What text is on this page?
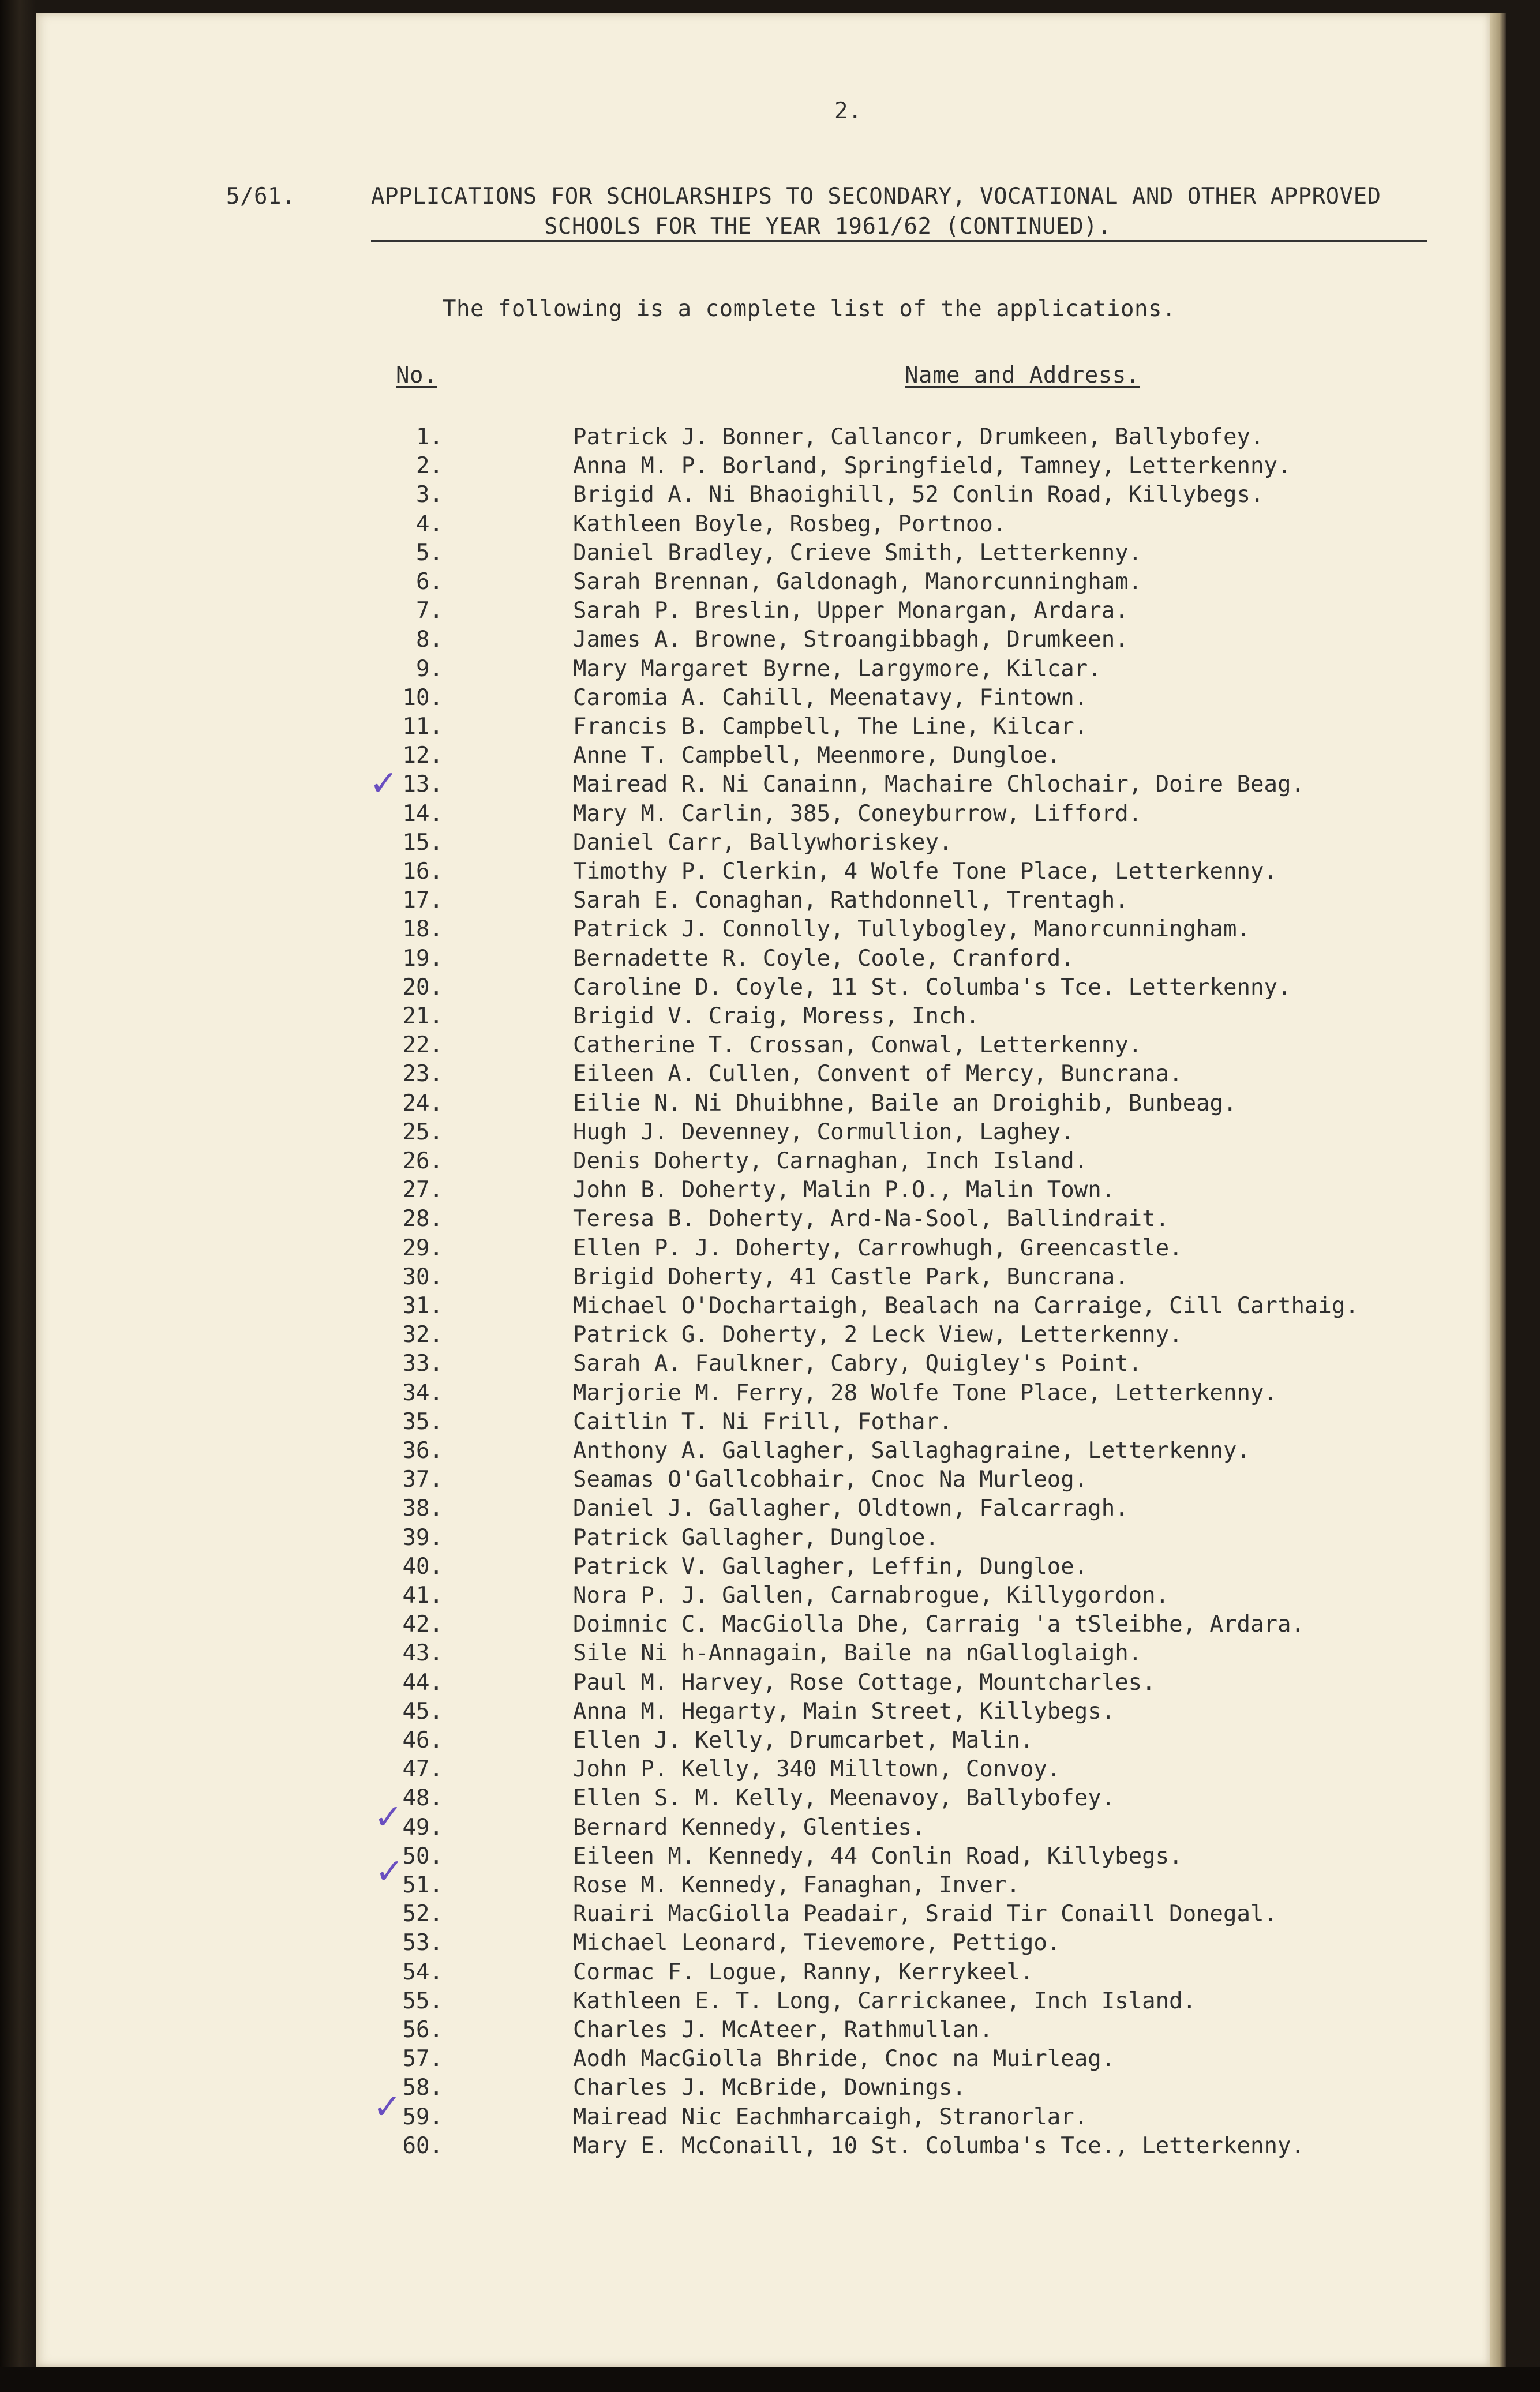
2.
5/61.	APPLICATIONS FOR SCHOLARSHIPS TO SECONDARY, VOCATIONAL AND OTHER APPROVED
SCHOOLS FOR THE YEAR 1961/62 (CONTINUED).
The following is a complete list of the applications.
No.	Name and Address.
1.	Patrick J. Bonner, Callancor, Drumkeen, Ballybofey.
2.	Anna M. P. Borland, Springfield, Tamney, Letterkenny.
3.	Brigid A. Ni Bhaoighill, 52 Conlin Road, Killybegs.
4.	Kathleen Boyle, Rosbeg, Portnoo.
5.	Daniel Bradley, Crieve Smith, Letterkenny.
6.	Sarah Brennan, Galdonagh, Manorcunningham.
7.	Sarah P. Breslin, Upper Monargan, Ardara.
8.	James A. Browne, Stroangibbagh, Drumkeen.
9.	Mary Margaret Byrne, Largymore, Kilcar.
10.	Caromia A. Cahill, Meenatavy, Fintown.
11.	Francis B. Campbell, The Line, Kilcar.
12.	Anne T. Campbell, Meenmore, Dungloe.
13.	Mairead R. Ni Canainn, Machaire Chlochair, Doire Beag.
14.	Mary M. Carlin, 385, Coneyburrow, Lifford.
15.	Daniel Carr, Ballywhoriskey.
16.	Timothy P. Clerkin, 4 Wolfe Tone Place, Letterkenny.
17.	Sarah E. Conaghan, Rathdonnell, Trentagh.
18.	Patrick J. Connolly, Tullybogley, Manorcunningham.
19.	Bernadette R. Coyle, Coole, Cranford.
20.	Caroline D. Coyle, 11 St. Columba's Tce. Letterkenny.
21.	Brigid V. Craig, Moress, Inch.
22.	Catherine T. Crossan, Conwal, Letterkenny.
23.	Eileen A. Cullen, Convent of Mercy, Buncrana.
24.	Eilie N. Ni Dhuibhne, Baile an Droighib, Bunbeag.
25.	Hugh J. Devenney, Cormullion, Laghey.
26.	Denis Doherty, Carnaghan, Inch Island.
27.	John B. Doherty, Malin P.O., Malin Town.
28.	Teresa B. Doherty, Ard-Na-Sool, Ballindrait.
29.	Ellen P. J. Doherty, Carrowhugh, Greencastle.
30.	Brigid Doherty, 41 Castle Park, Buncrana.
31.	Michael O'Dochartaigh, Bealach na Carraige, Cill Carthaig.
32.	Patrick G. Doherty, 2 Leck View, Letterkenny.
33.	Sarah A. Faulkner, Cabry, Quigley's Point.
34.	Marjorie M. Ferry, 28 Wolfe Tone Place, Letterkenny.
35.	Caitlin T. Ni Frill, Fothar.
36.	Anthony A. Gallagher, Sallaghagraine, Letterkenny.
37.	Seamas O'Gallcobhair, Cnoc Na Murleog.
38.	Daniel J. Gallagher, Oldtown, Falcarragh.
39.	Patrick Gallagher, Dungloe.
40.	Patrick V. Gallagher, Leffin, Dungloe.
41.	Nora P. J. Gallen, Carnabrogue, Killygordon.
42.	Doimnic C. MacGiolla Dhe, Carraig 'a tSleibhe, Ardara.
43.	Sile Ni h-Annagain, Baile na nGalloglaigh.
44.	Paul M. Harvey, Rose Cottage, Mountcharles.
45.	Anna M. Hegarty, Main Street, Killybegs.
46.	Ellen J. Kelly, Drumcarbet, Malin.
47.	John P. Kelly, 340 Milltown, Convoy.
48.	Ellen S. M. Kelly, Meenavoy, Ballybofey.
49.	Bernard Kennedy, Glenties.
50.	Eileen M. Kennedy, 44 Conlin Road, Killybegs.
51.	Rose M. Kennedy, Fanaghan, Inver.
52.	Ruairi MacGiolla Peadair, Sraid Tir Conaill Donegal.
53.	Michael Leonard, Tievemore, Pettigo.
54.	Cormac F. Logue, Ranny, Kerrykeel.
55.	Kathleen E. T. Long, Carrickanee, Inch Island.
56.	Charles J. McAteer, Rathmullan.
57.	Aodh MacGiolla Bhride, Cnoc na Muirleag.
58.	Charles J. McBride, Downings.
59.	Mairead Nic Eachmharcaigh, Stranorlar.
60.	Mary E. McConaill, 10 St. Columba's Tce., Letterkenny.
✓
✓
✓
✓
